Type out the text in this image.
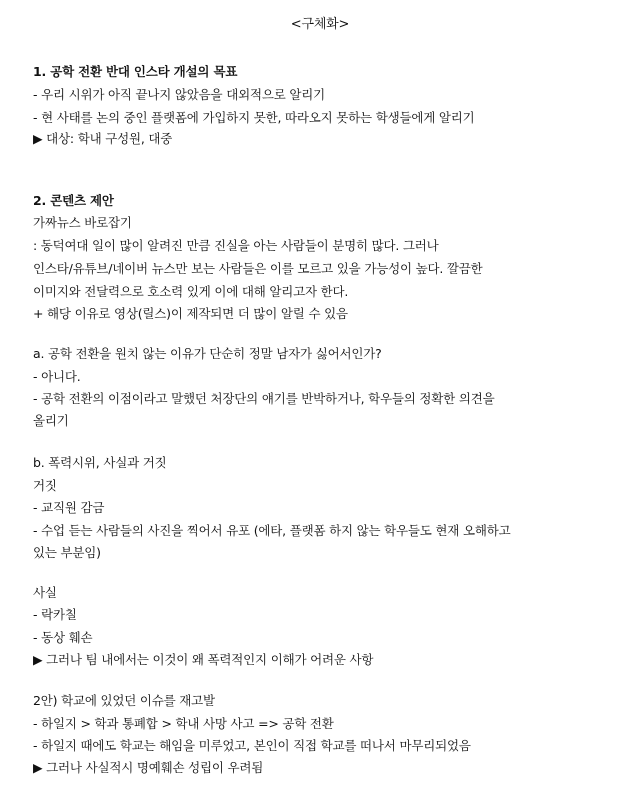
<구체화>
1. 공학 전환 반대 인스타 개설의 목표
- 우리 시위가 아직 끝나지 않았음을 대외적으로 알리기
- 현 사태를 논의 중인 플랫폼에 가입하지 못한, 따라오지 못하는 학생들에게 알리기
▶ 대상: 학내 구성원, 대중
2. 콘텐츠 제안
가짜뉴스 바로잡기
: 동덕여대 일이 많이 알려진 만큼 진실을 아는 사람들이 분명히 많다. 그러나
인스타/유튜브/네이버 뉴스만 보는 사람들은 이를 모르고 있을 가능성이 높다. 깔끔한
이미지와 전달력으로 호소력 있게 이에 대해 알리고자 한다.
+ 해당 이유로 영상(릴스)이 제작되면 더 많이 알릴 수 있음
a. 공학 전환을 원치 않는 이유가 단순히 정말 남자가 싫어서인가?
- 아니다.
- 공학 전환의 이점이라고 말했던 처장단의 얘기를 반박하거나, 학우들의 정확한 의견을
올리기
b. 폭력시위, 사실과 거짓
거짓
- 교직원 감금
- 수업 듣는 사람들의 사진을 찍어서 유포 (에타, 플랫폼 하지 않는 학우들도 현재 오해하고
있는 부분임)
사실
- 락카칠
- 동상 훼손
▶ 그러나 팀 내에서는 이것이 왜 폭력적인지 이해가 어려운 사항
2안) 학교에 있었던 이슈를 재고발
- 하일지 > 학과 통폐합 > 학내 사망 사고 => 공학 전환
- 하일지 때에도 학교는 해임을 미루었고, 본인이 직접 학교를 떠나서 마무리되었음
▶ 그러나 사실적시 명예훼손 성립이 우려됨
